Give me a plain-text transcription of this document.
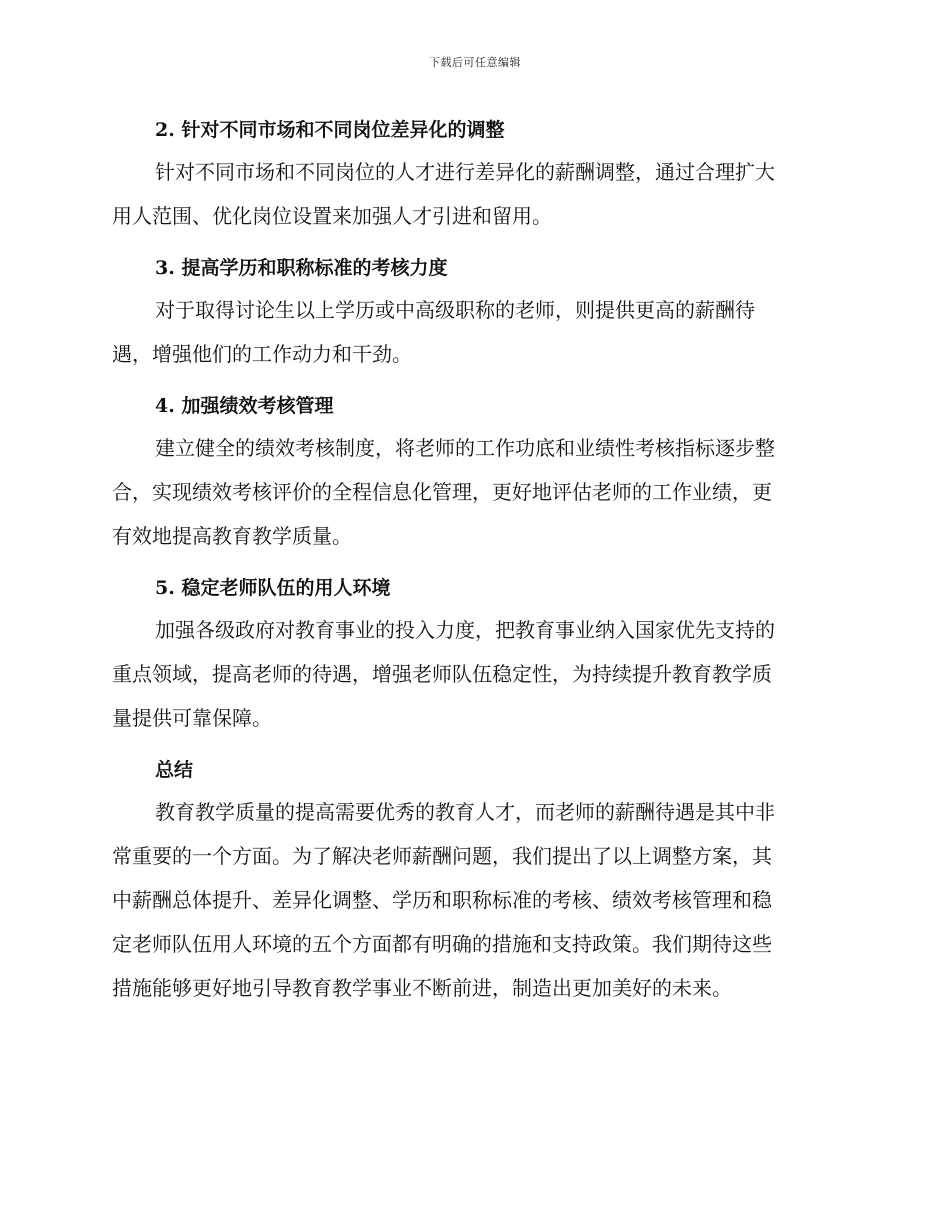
下载后可任意编辑
2. 针对不同市场和不同岗位差异化的调整

针对不同市场和不同岗位的人才进行差异化的薪酬调整，通过合理扩大
用人范围、优化岗位设置来加强人才引进和留用。

3. 提高学历和职称标准的考核力度

对于取得讨论生以上学历或中高级职称的老师，则提供更高的薪酬待
遇，增强他们的工作动力和干劲。

4. 加强绩效考核管理

建立健全的绩效考核制度，将老师的工作功底和业绩性考核指标逐步整
合，实现绩效考核评价的全程信息化管理，更好地评估老师的工作业绩，更
有效地提高教育教学质量。

5. 稳定老师队伍的用人环境

加强各级政府对教育事业的投入力度，把教育事业纳入国家优先支持的
重点领域，提高老师的待遇，增强老师队伍稳定性，为持续提升教育教学质
量提供可靠保障。

总结

教育教学质量的提高需要优秀的教育人才，而老师的薪酬待遇是其中非
常重要的一个方面。为了解决老师薪酬问题，我们提出了以上调整方案，其
中薪酬总体提升、差异化调整、学历和职称标准的考核、绩效考核管理和稳
定老师队伍用人环境的五个方面都有明确的措施和支持政策。我们期待这些
措施能够更好地引导教育教学事业不断前进，制造出更加美好的未来。
